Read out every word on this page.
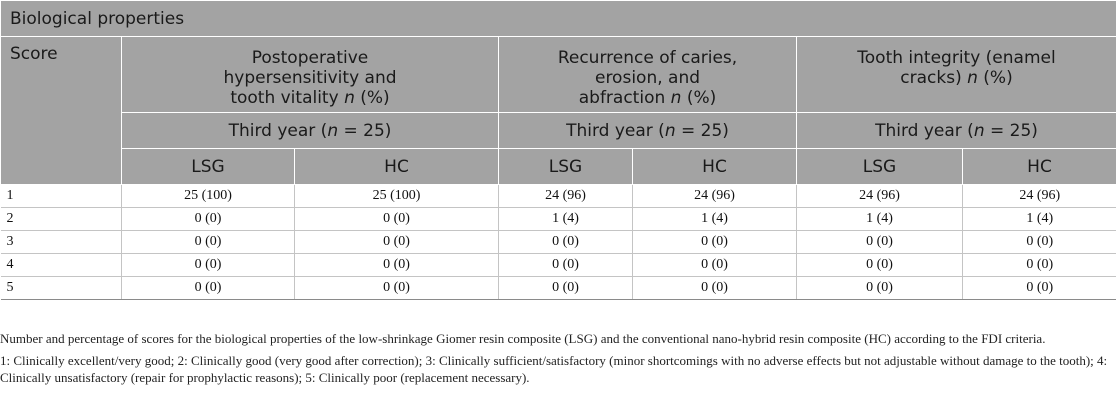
Biological properties						
Score	Postoperative
hypersensitivity and
tooth vitality n (%)		Recurrence of caries,
erosion, and
abfraction n (%)		Tooth integrity (enamel
cracks) n (%)	
	Third year (n = 25)		Third year (n = 25)		Third year (n = 25)	
	LSG	HC	LSG	HC	LSG	HC
1	25 (100)	25 (100)	24 (96)	24 (96)	24 (96)	24 (96)
2	0 (0)	0 (0)	1 (4)	1 (4)	1 (4)	1 (4)
3	0 (0)	0 (0)	0 (0)	0 (0)	0 (0)	0 (0)
4	0 (0)	0 (0)	0 (0)	0 (0)	0 (0)	0 (0)
5	0 (0)	0 (0)	0 (0)	0 (0)	0 (0)	0 (0)

Number and percentage of scores for the biological properties of the low-shrinkage Giomer resin composite (LSG) and the conventional nano-hybrid resin composite (HC) according to the FDI criteria.

1: Clinically excellent/very good; 2: Clinically good (very good after correction); 3: Clinically sufficient/satisfactory (minor shortcomings with no adverse effects but not adjustable without damage to the tooth); 4: Clinically unsatisfactory (repair for prophylactic reasons); 5: Clinically poor (replacement necessary).
